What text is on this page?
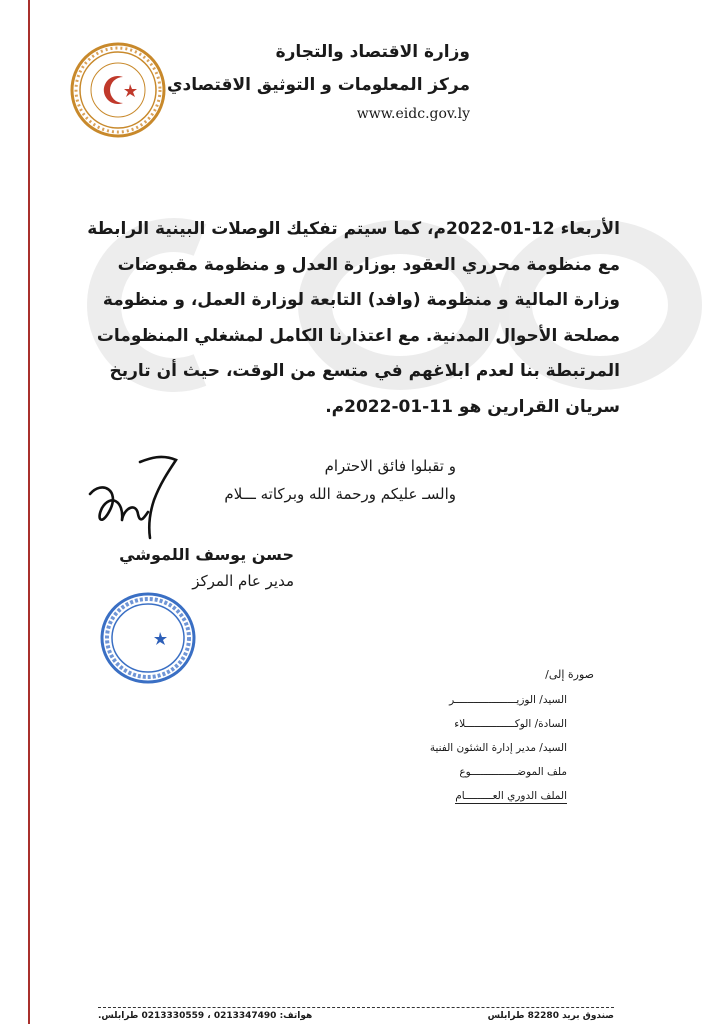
وزارة الاقتصاد والتجارة
مركز المعلومات و التوثيق الاقتصادي
www.eidc.gov.ly
الأربعاء 12-01-2022م، كما سيتم تفكيك الوصلات البينية الرابطة مع منظومة محرري العقود بوزارة العدل و منظومة مقبوضات وزارة المالية و منظومة (وافد) التابعة لوزارة العمل، و منظومة مصلحة الأحوال المدنية. مع اعتذارنا الكامل لمشغلي المنظومات المرتبطة بنا لعدم ابلاغهم في متسع من الوقت، حيث أن تاريخ سريان القرارين هو 11-01-2022م.
و تقبلوا فائق الاحترام
والسـ عليكم ورحمة الله وبركاته ـــلام
حسن يوسف اللموشي
مدير عام المركز
صورة إلى/
السيد/ الوزيــــــــــــــــــــر
السادة/ الوكــــــــــــــــلاء
السيد/ مدير إدارة الشئون الفنية
ملف الموضـــــــــــــــوع
الملف الدوري العـــــــــام
صندوق بريد 82280 طرابلس
هواتف: 0213347490 ، 0213330559 طرابلس.
